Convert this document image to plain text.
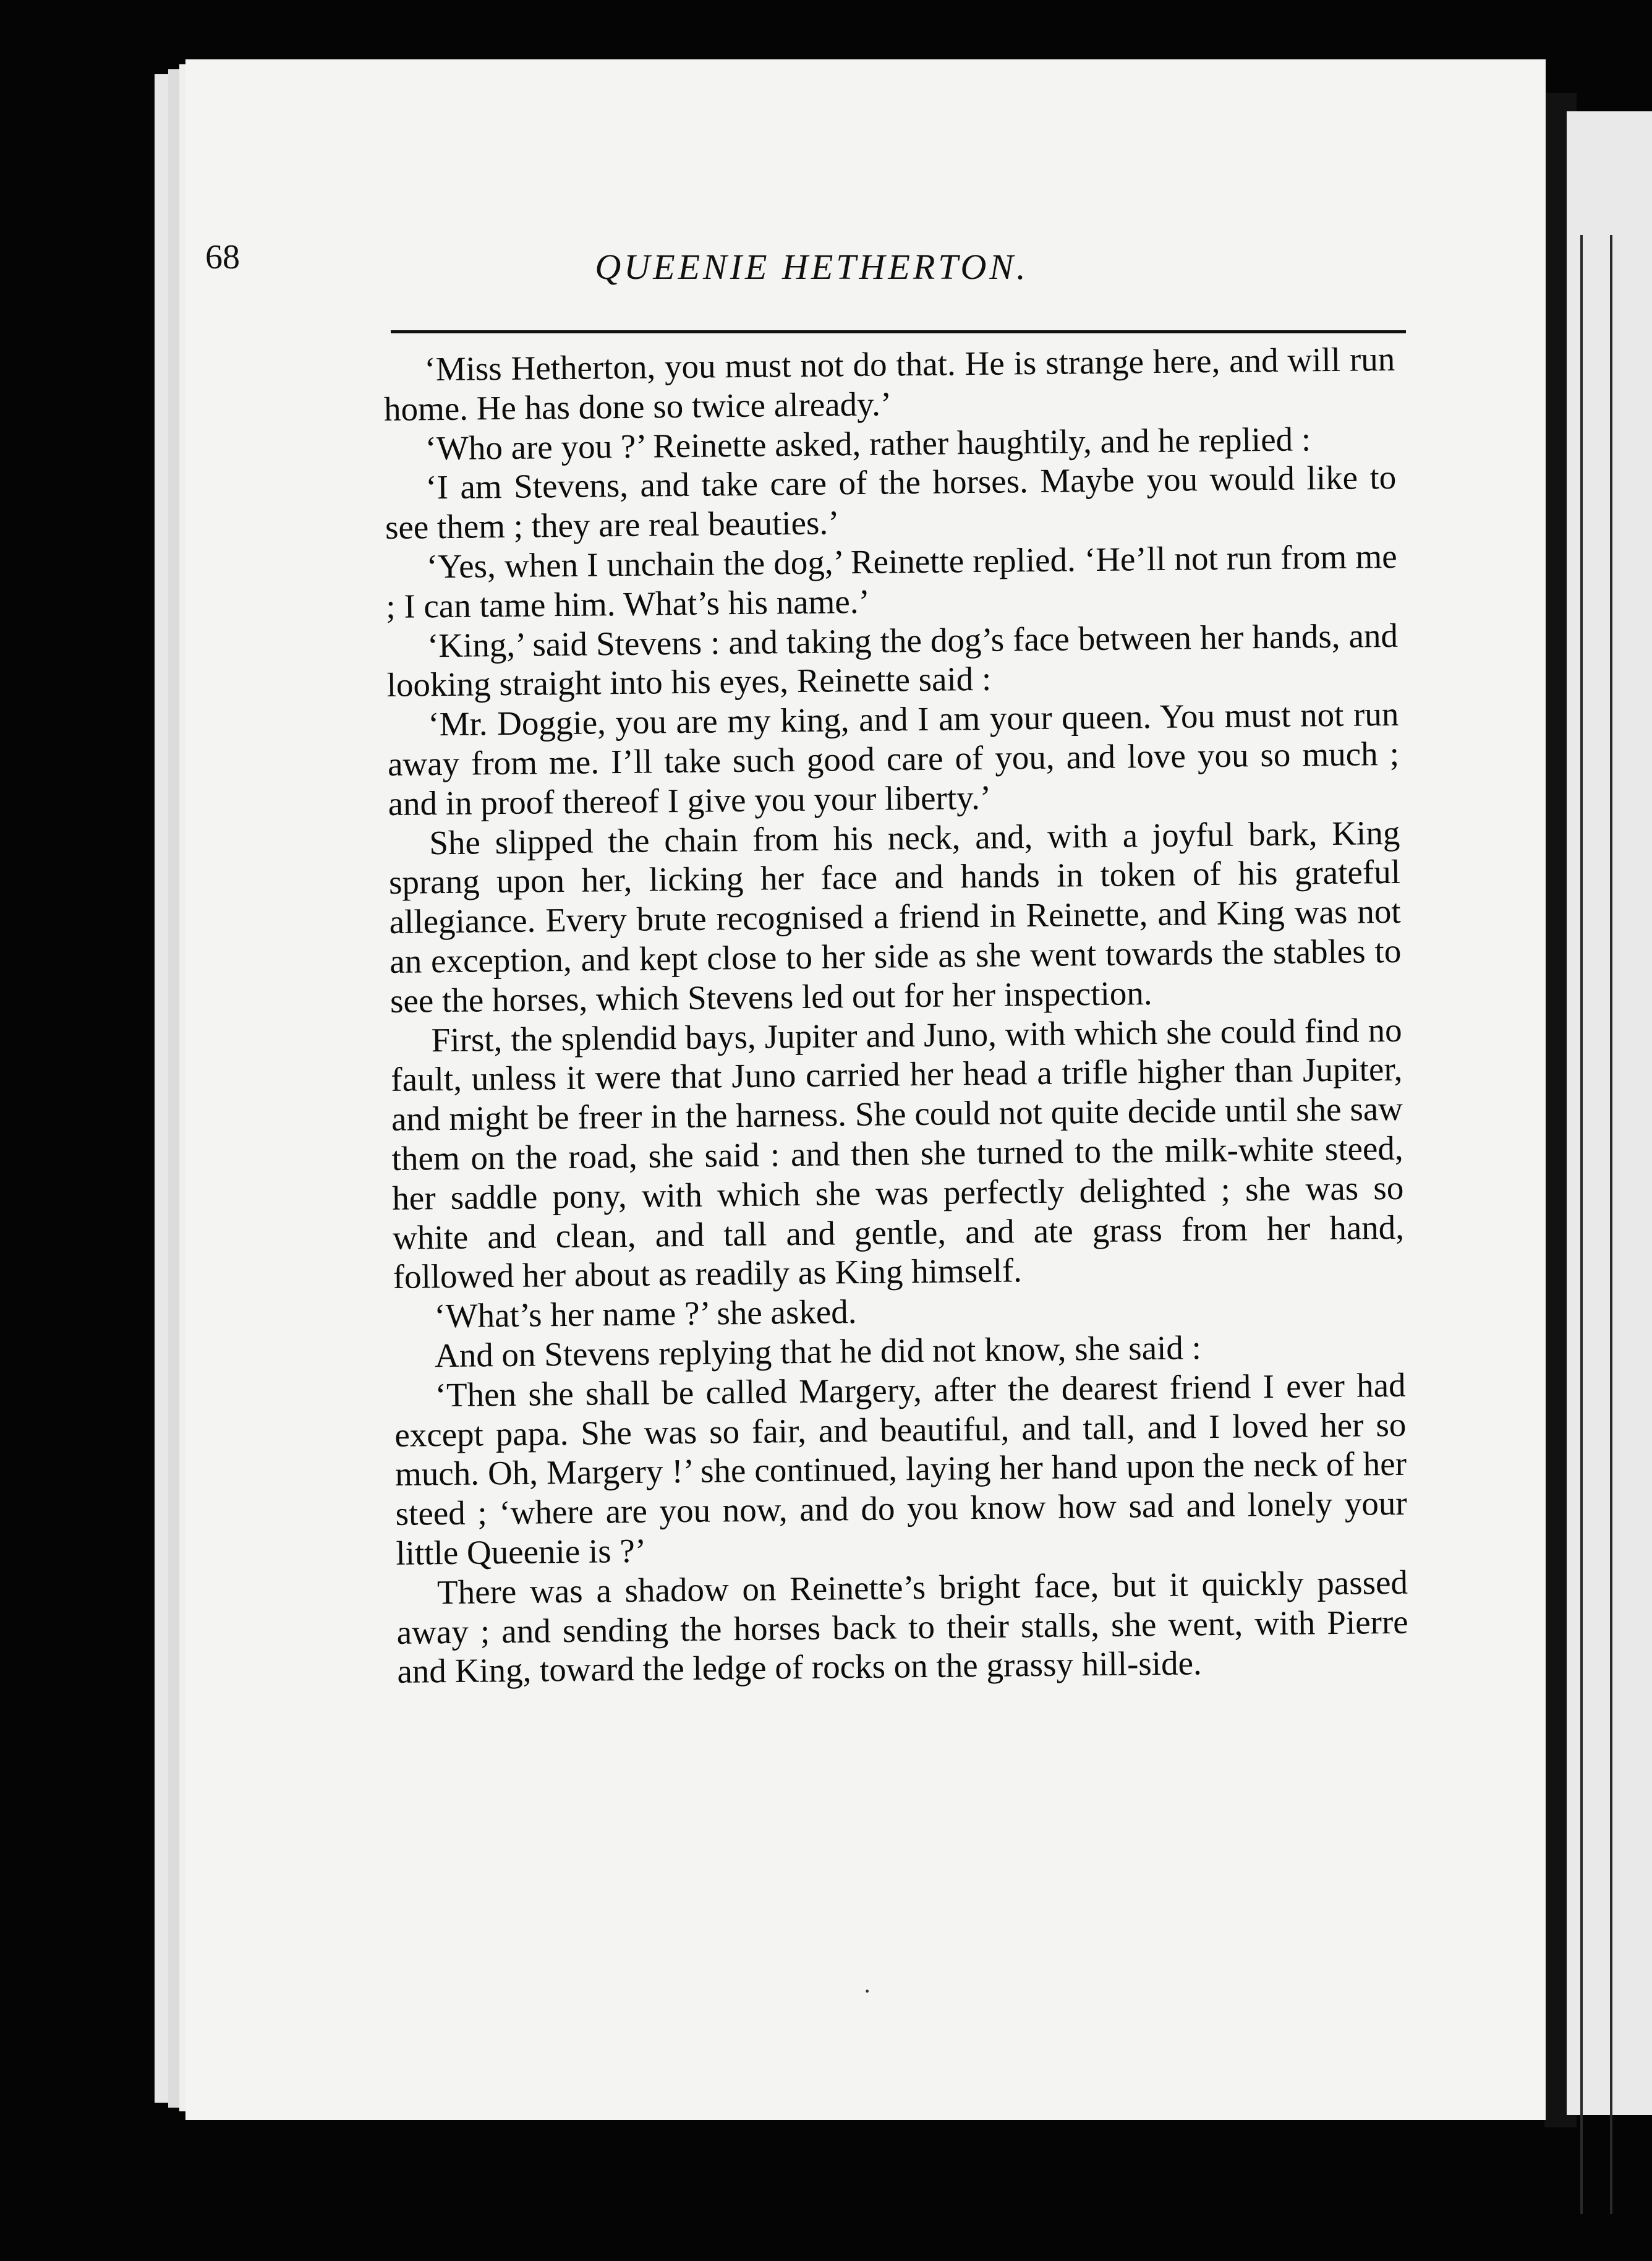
68	QUEENIE HETHERTON.

‘Miss Hetherton, you must not do that. He is strange here, and will run home. He has done so twice already.’

‘Who are you ?’ Reinette asked, rather haughtily, and he replied :

‘I am Stevens, and take care of the horses. Maybe you would like to see them ; they are real beauties.’

‘Yes, when I unchain the dog,’ Reinette replied. ‘He’ll not run from me ; I can tame him. What’s his name.’

‘King,’ said Stevens : and taking the dog’s face between her hands, and looking straight into his eyes, Reinette said :

‘Mr. Doggie, you are my king, and I am your queen. You must not run away from me. I’ll take such good care of you, and love you so much ; and in proof thereof I give you your liberty.’

She slipped the chain from his neck, and, with a joyful bark, King sprang upon her, licking her face and hands in token of his grateful allegiance. Every brute recognised a friend in Reinette, and King was not an exception, and kept close to her side as she went towards the stables to see the horses, which Stevens led out for her inspection.

First, the splendid bays, Jupiter and Juno, with which she could find no fault, unless it were that Juno carried her head a trifle higher than Jupiter, and might be freer in the harness. She could not quite decide until she saw them on the road, she said : and then she turned to the milk-white steed, her saddle pony, with which she was perfectly delighted ; she was so white and clean, and tall and gentle, and ate grass from her hand, followed her about as readily as King himself.

‘What’s her name ?’ she asked.

And on Stevens replying that he did not know, she said :

‘Then she shall be called Margery, after the dearest friend I ever had except papa. She was so fair, and beautiful, and tall, and I loved her so much. Oh, Margery !’ she continued, laying her hand upon the neck of her steed ; ‘where are you now, and do you know how sad and lonely your little Queenie is ?’

There was a shadow on Reinette’s bright face, but it quickly passed away ; and sending the horses back to their stalls, she went, with Pierre and King, toward the ledge of rocks on the grassy hill-side.

·
